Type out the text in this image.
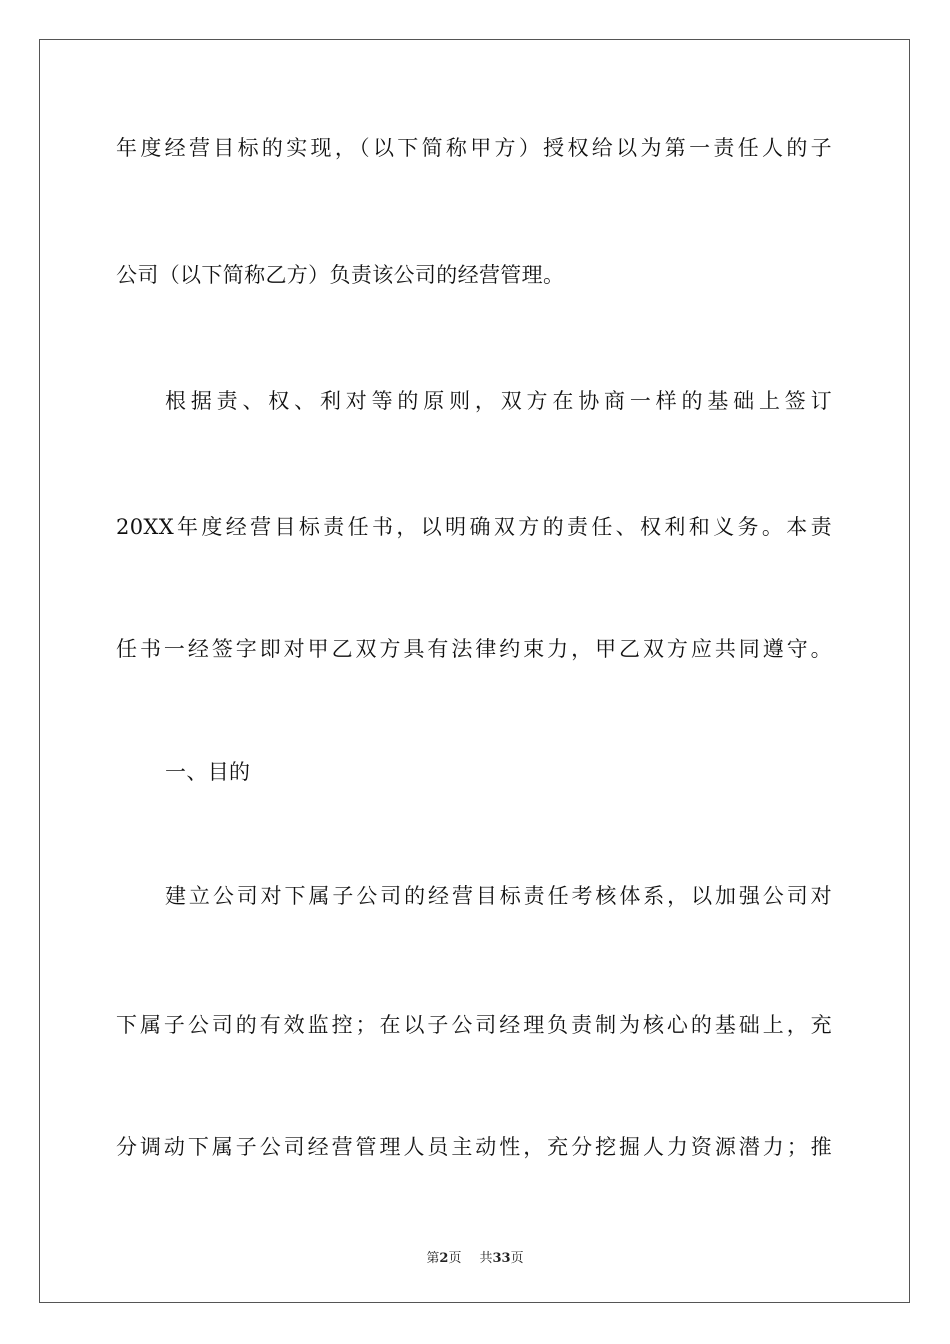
年度经营目标的实现，（以下简称甲方）授权给以为第一责任人的子
公司（以下简称乙方）负责该公司的经营管理。
根据责、权、利对等的原则，双方在协商一样的基础上签订
20XX年度经营目标责任书，以明确双方的责任、权利和义务。本责
任书一经签字即对甲乙双方具有法律约束力，甲乙双方应共同遵守。
一、目的
建立公司对下属子公司的经营目标责任考核体系，以加强公司对
下属子公司的有效监控；在以子公司经理负责制为核心的基础上，充
分调动下属子公司经营管理人员主动性，充分挖掘人力资源潜力；推
第2页 共33页
